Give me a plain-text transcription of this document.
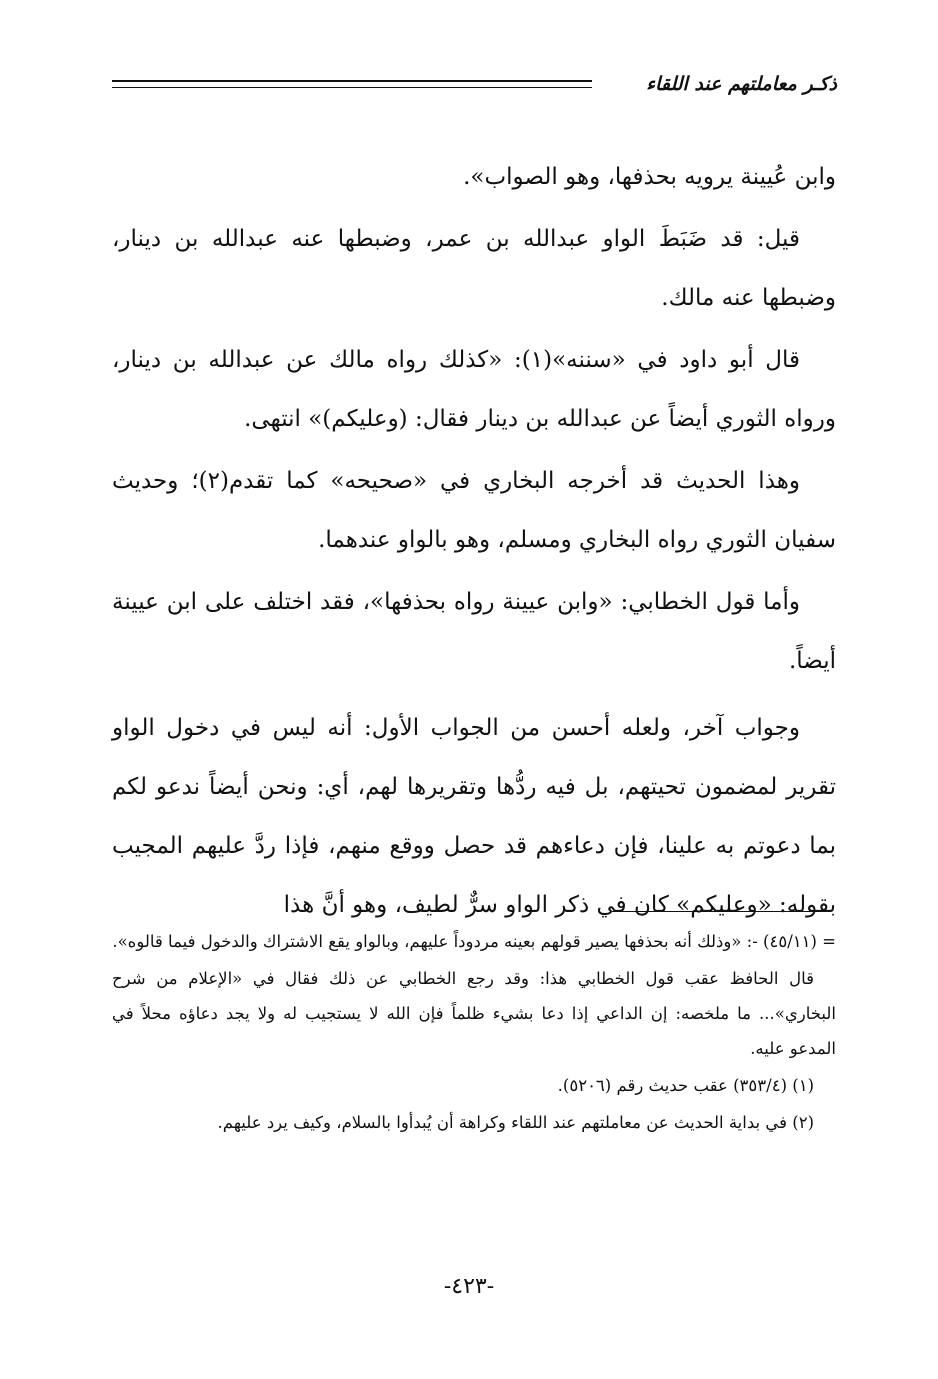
ذكـر معاملتهم عند اللقاء

وابن عُيينة يرويه بحذفها، وهو الصواب».

قيل: قد ضَبَطَ الواو عبدالله بن عمر، وضبطها عنه عبدالله بن دينار، وضبطها عنه مالك.

قال أبو داود في «سننه»(١): «كذلك رواه مالك عن عبدالله بن دينار، ورواه الثوري أيضاً عن عبدالله بن دينار فقال: (وعليكم)» انتهى.

وهذا الحديث قد أخرجه البخاري في «صحيحه» كما تقدم(٢)؛ وحديث سفيان الثوري رواه البخاري ومسلم، وهو بالواو عندهما.

وأما قول الخطابي: «وابن عيينة رواه بحذفها»، فقد اختلف على ابن عيينة أيضاً.

وجواب آخر، ولعله أحسن من الجواب الأول: أنه ليس في دخول الواو تقرير لمضمون تحيتهم، بل فيه ردُّها وتقريرها لهم، أي: ونحن أيضاً ندعو لكم بما دعوتم به علينا، فإن دعاءهم قد حصل ووقع منهم، فإذا ردَّ عليهم المجيب بقوله: «وعليكم» كان في ذكر الواو سرٌّ لطيف، وهو أنَّ هذا

= (٤٥/١١) -: «وذلك أنه بحذفها يصير قولهم بعينه مردوداً عليهم، وبالواو يقع الاشتراك والدخول فيما قالوه».

قال الحافظ عقب قول الخطابي هذا: وقد رجع الخطابي عن ذلك فقال في «الإعلام من شرح البخاري»... ما ملخصه: إن الداعي إذا دعا بشيء ظلماً فإن الله لا يستجيب له ولا يجد دعاؤه محلاً في المدعو عليه.

(١) (٣٥٣/٤) عقب حديث رقم (٥٢٠٦).

(٢) في بداية الحديث عن معاملتهم عند اللقاء وكراهة أن يُبدأوا بالسلام، وكيف يرد عليهم.

-٤٢٣-
